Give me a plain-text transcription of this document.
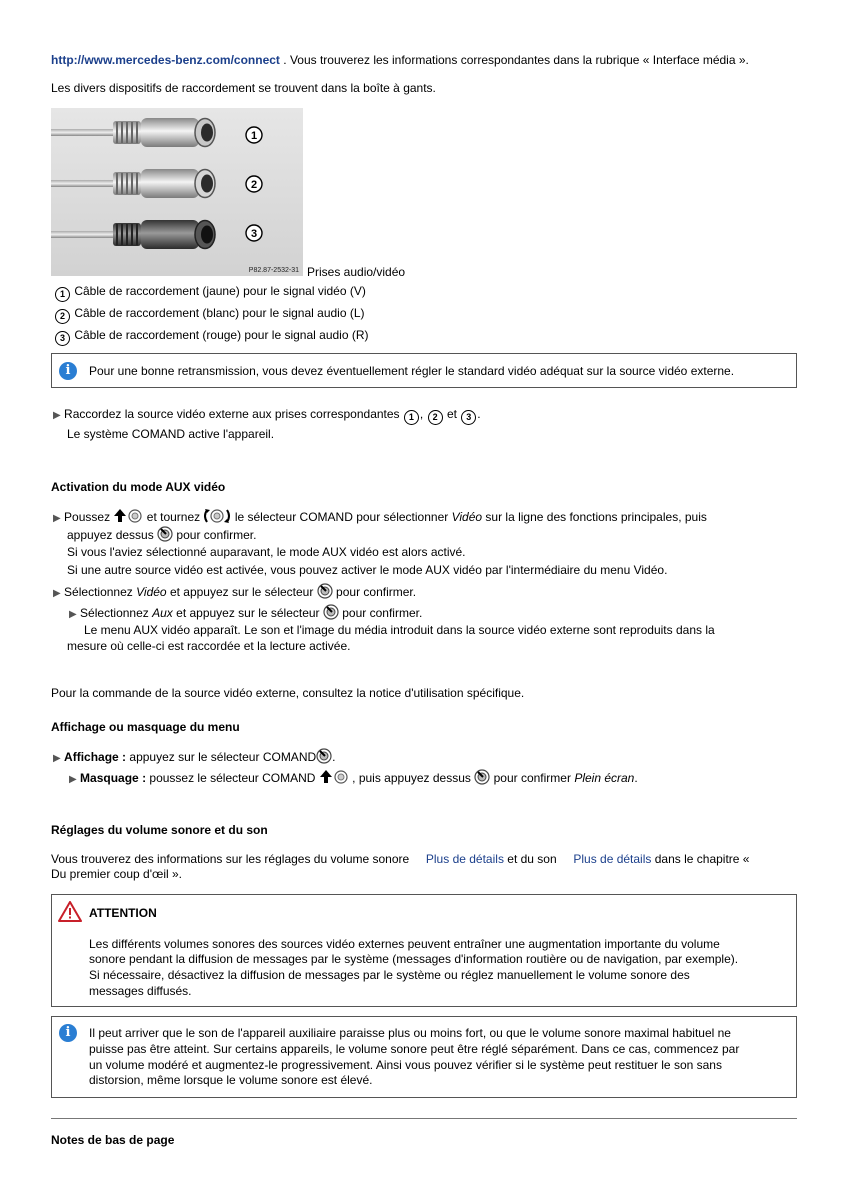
http://www.mercedes-benz.com/connect . Vous trouverez les informations correspondantes dans la rubrique « Interface média ».
Les divers dispositifs de raccordement se trouvent dans la boîte à gants.
1
2
3
P82.87-2532-31 Prises audio/vidéo
1 Câble de raccordement (jaune) pour le signal vidéo (V)
2 Câble de raccordement (blanc) pour le signal audio (L)
3 Câble de raccordement (rouge) pour le signal audio (R)
i	Pour une bonne retransmission, vous devez éventuellement régler le standard vidéo adéquat sur la source vidéo externe.
▶ Raccordez la source vidéo externe aux prises correspondantes 1 , 2 et 3 .
Le système COMAND active l'appareil.
Activation du mode AUX vidéo
▶ Poussez	et tournez	le sélecteur COMAND pour sélectionner Vidéo sur la ligne des fonctions principales, puis
appuyez dessus pour confirmer.
Si vous l'aviez sélectionné auparavant, le mode AUX vidéo est alors activé.
Si une autre source vidéo est activée, vous pouvez activer le mode AUX vidéo par l'intermédiaire du menu Vidéo.
▶ Sélectionnez Vidéo et appuyez sur le sélecteur pour confirmer.
▶ Sélectionnez Aux et appuyez sur le sélecteur pour confirmer.
Le menu AUX vidéo apparaît. Le son et l'image du média introduit dans la source vidéo externe sont reproduits dans la
mesure où celle-ci est raccordée et la lecture activée.
Pour la commande de la source vidéo externe, consultez la notice d'utilisation spécifique.
Affichage ou masquage du menu
▶ Affichage : appuyez sur le sélecteur COMAND .
▶ Masquage : poussez le sélecteur COMAND	, puis appuyez dessus pour confirmer Plein écran.
Réglages du volume sonore et du son
Vous trouverez des informations sur les réglages du volume sonore Plus de détails et du son Plus de détails dans le chapitre «
Du premier coup d'œil ».
ATTENTION
Les différents volumes sonores des sources vidéo externes peuvent entraîner une augmentation importante du volume
sonore pendant la diffusion de messages par le système (messages d'information routière ou de navigation, par exemple).
Si nécessaire, désactivez la diffusion de messages par le système ou réglez manuellement le volume sonore des
messages diffusés.
i	Il peut arriver que le son de l'appareil auxiliaire paraisse plus ou moins fort, ou que le volume sonore maximal habituel ne
puisse pas être atteint. Sur certains appareils, le volume sonore peut être réglé séparément. Dans ce cas, commencez par
un volume modéré et augmentez-le progressivement. Ainsi vous pouvez vérifier si le système peut restituer le son sans
distorsion, même lorsque le volume sonore est élevé.
Notes de bas de page
